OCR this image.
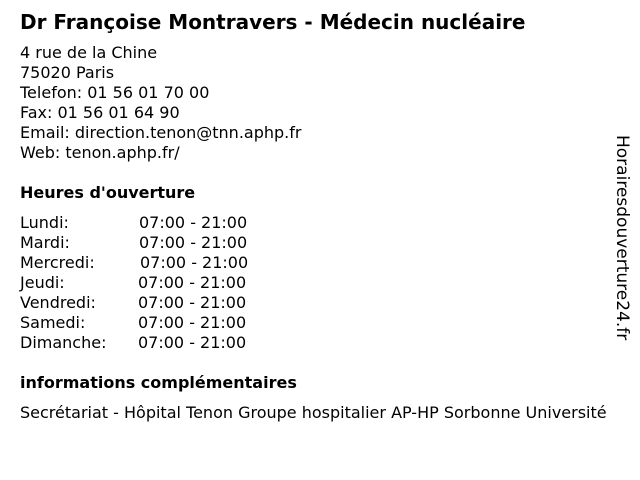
Dr Françoise Montravers - Médecin nucléaire
4 rue de la Chine
75020 Paris
Telefon: 01 56 01 70 00
Fax: 01 56 01 64 90
Email: direction.tenon@tnn.aphp.fr
Web: tenon.aphp.fr/
Heures d'ouverture
Lundi:	07:00 - 21:00
Mardi:	07:00 - 21:00
Mercredi:	07:00 - 21:00
Jeudi:	07:00 - 21:00
Vendredi:	07:00 - 21:00
Samedi:	07:00 - 21:00
Dimanche: 07:00 - 21:00
informations complémentaires
Secrétariat - Hôpital Tenon Groupe hospitalier AP-HP Sorbonne Université
Horairesdouverture24.fr
